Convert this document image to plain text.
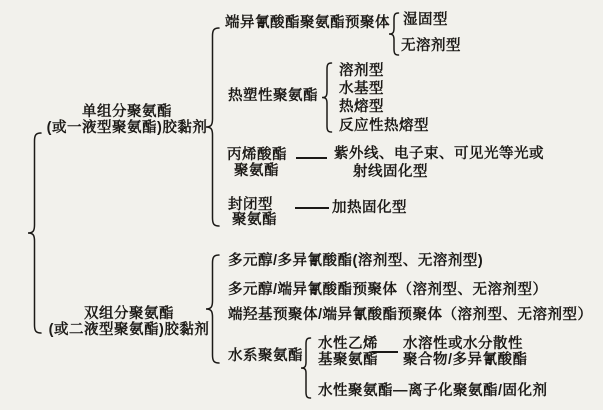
单组分聚氨酯
(或一液型聚氨酯)胶黏剂
端异氰酸酯聚氨酯预聚体 湿固型
无溶剂型
热塑性聚氨酯
溶剂型
水基型
热熔型
反应性热熔型
丙烯酸酯
聚氨酯
紫外线、电子束、可见光等光或
射线固化型
封闭型
聚氨酯
加热固化型
双组分聚氨酯
(或二液型聚氨酯)胶黏剂
多元醇/多异氰酸酯(溶剂型、无溶剂型)
多元醇/端异氰酸酯预聚体（溶剂型、无溶剂型）
端羟基预聚体/端异氰酸酯预聚体（溶剂型、无溶剂型）
水系聚氨酯
水性乙烯
基聚氨酯
水溶性或水分散性
聚合物/多异氰酸酯
水性聚氨酯—离子化聚氨酯/固化剂
